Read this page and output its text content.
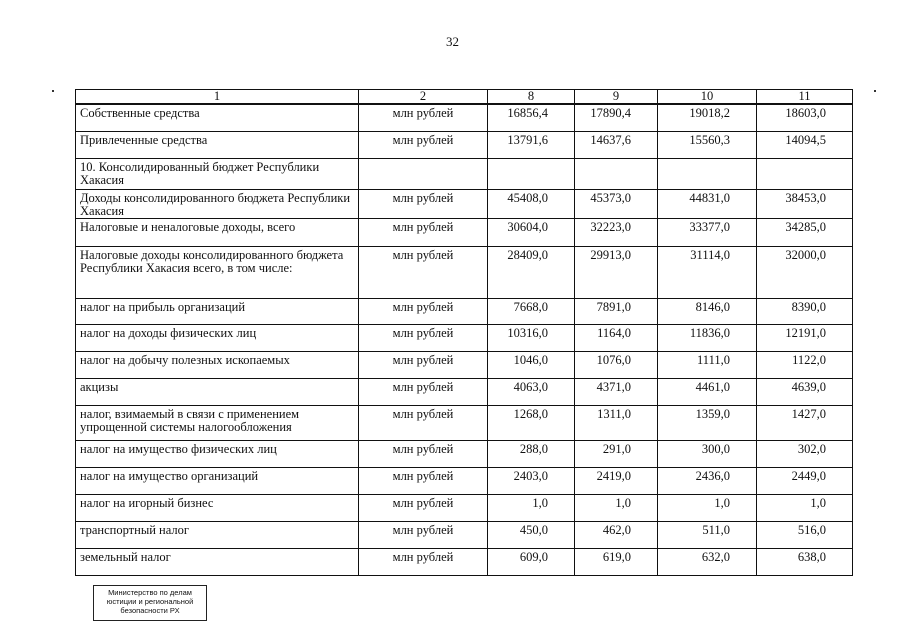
32
1	2	8	9	10	11
Собственные средства	млн рублей	16856,4	17890,4	19018,2	18603,0
Привлеченные средства	млн рублей	13791,6	14637,6	15560,3	14094,5
10. Консолидированный бюджет Республики Хакасия					
Доходы консолидированного бюджета Республики Хакасия	млн рублей	45408,0	45373,0	44831,0	38453,0
Налоговые и неналоговые доходы, всего	млн рублей	30604,0	32223,0	33377,0	34285,0
Налоговые доходы консолидированного бюджета Республики Хакасия всего, в том числе:	млн рублей	28409,0	29913,0	31114,0	32000,0
налог на прибыль организаций	млн рублей	7668,0	7891,0	8146,0	8390,0
налог на доходы физических лиц	млн рублей	10316,0	1164,0	11836,0	12191,0
налог на добычу полезных ископаемых	млн рублей	1046,0	1076,0	1111,0	1122,0
акцизы	млн рублей	4063,0	4371,0	4461,0	4639,0
налог, взимаемый в связи с применением упрощенной системы налогообложения	млн рублей	1268,0	1311,0	1359,0	1427,0
налог на имущество физических лиц	млн рублей	288,0	291,0	300,0	302,0
налог на имущество организаций	млн рублей	2403,0	2419,0	2436,0	2449,0
налог на игорный бизнес	млн рублей	1,0	1,0	1,0	1,0
транспортный налог	млн рублей	450,0	462,0	511,0	516,0
земельный налог	млн рублей	609,0	619,0	632,0	638,0
Министерство по делам
юстиции и региональной
безопасности РХ
